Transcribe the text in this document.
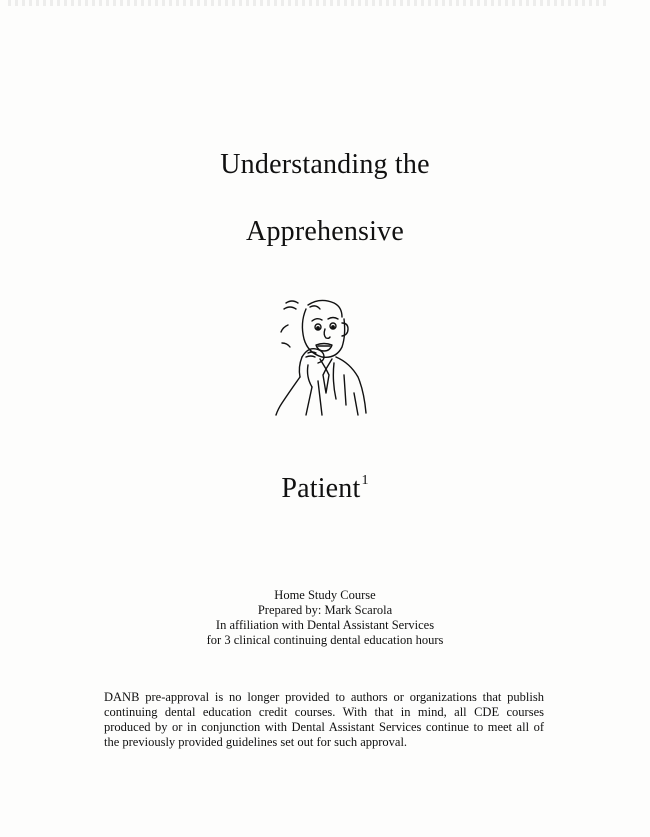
Understanding the
Apprehensive
Patient$^1$
Home Study Course
Prepared by: Mark Scarola
In affiliation with Dental Assistant Services
for 3 clinical continuing dental education hours
DANB pre-approval is no longer provided to authors or organizations that publish continuing dental education credit courses. With that in mind, all CDE courses produced by or in conjunction with Dental Assistant Services continue to meet all of the previously provided guidelines set out for such approval.
